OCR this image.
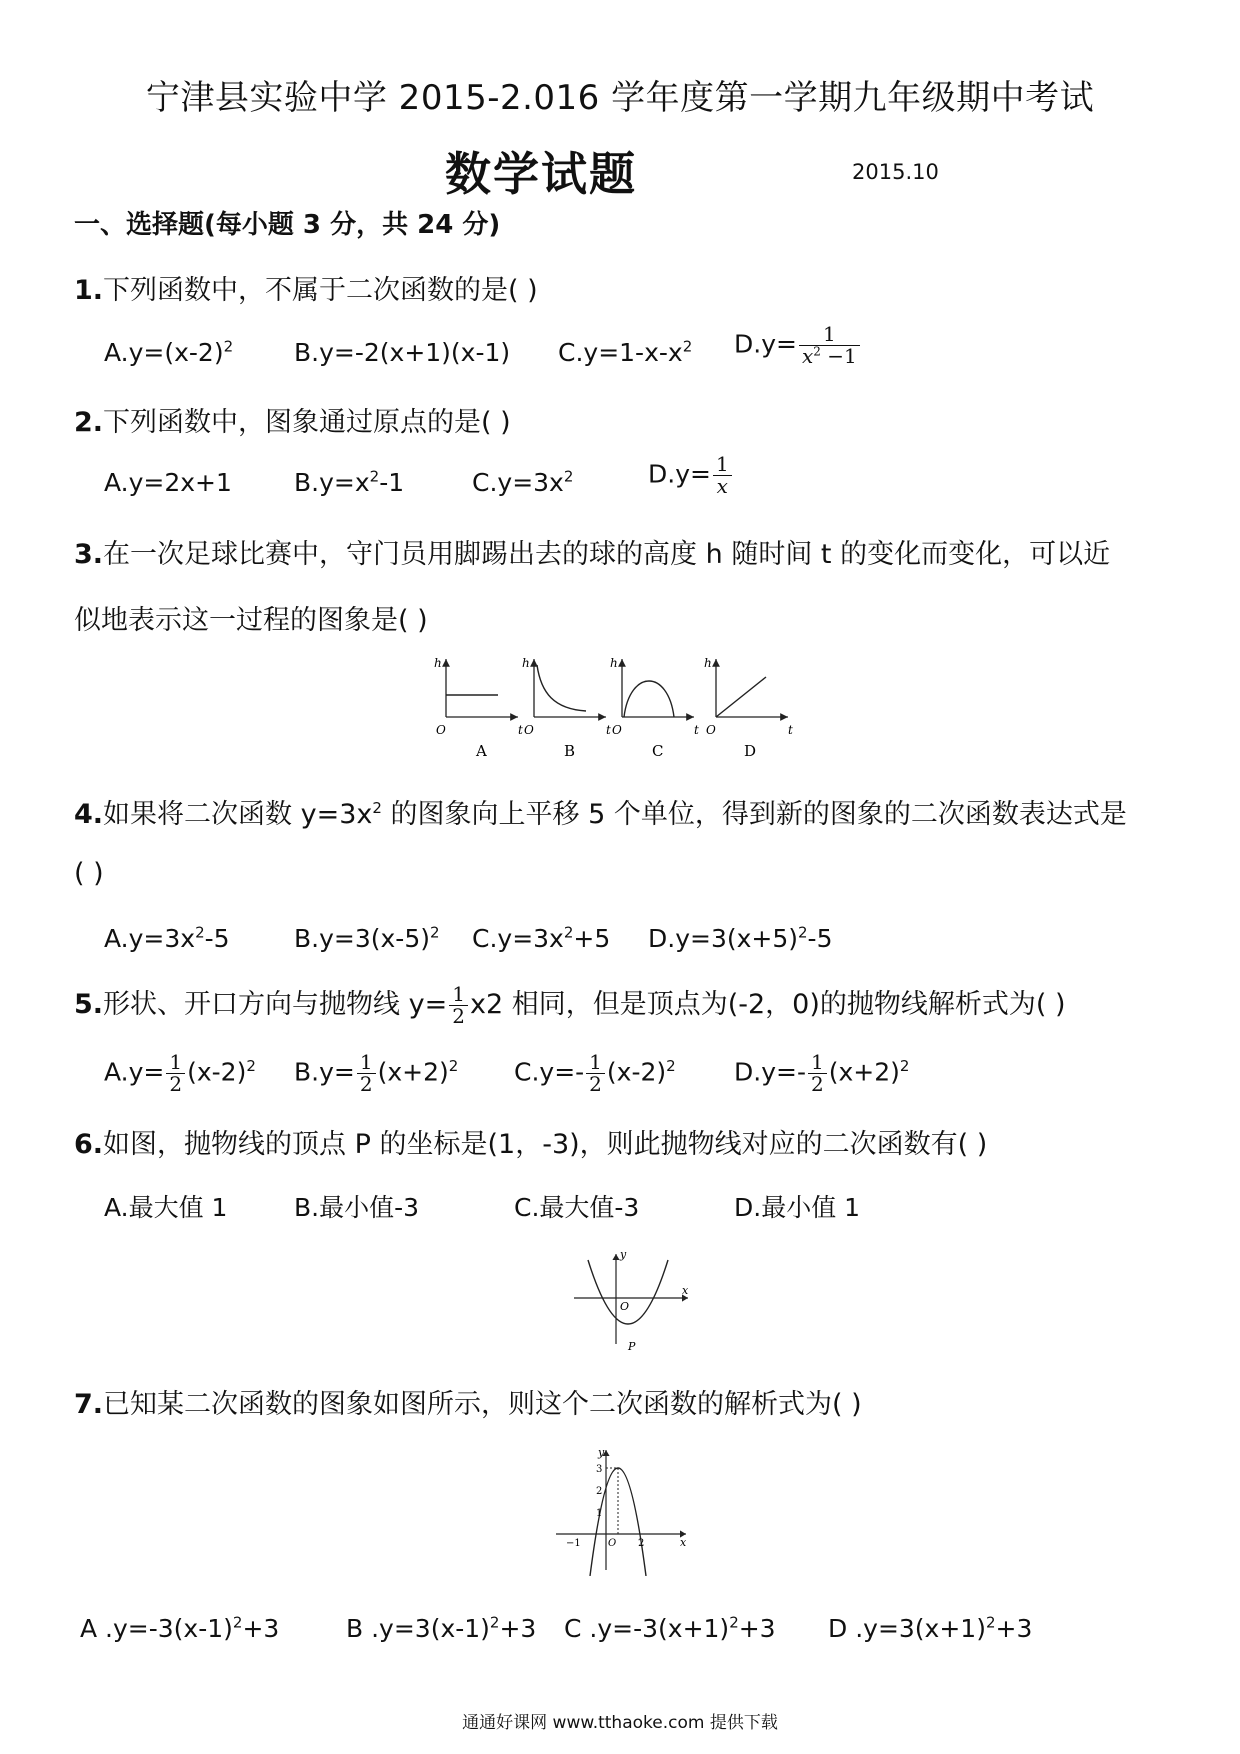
宁津县实验中学 2015-2.016 学年度第一学期九年级期中考试
数学试题	2015.10
一、选择题(每小题 3 分，共 24 分)
1.下列函数中，不属于二次函数的是( )
$A.y=(x-2)^2$ B.y=-2(x+1)(x-1) $C.y=1-x-x^2$ $D.y= \frac{1}{x^2 -1}$
2.下列函数中，图象通过原点的是( )
A.y=2x+1 $B.y=x^2-1$	$C.y=3x^2$	$D.y= \frac{1}{x}$
3.在一次足球比赛中，守门员用脚踢出去的球的高度 h 随时间 t 的变化而变化，可以近
似地表示这一过程的图象是( )
h
O	t
A
h
O	t
B
h
O	t
C
h
O	t
D
4.如果将二次函数 $y=3x^2$ 的图象向上平移 5 个单位，得到新的图象的二次函数表达式是
( )
$A.y=3x^2-5$	$B.y=3(x-5)^2$ $C.y=3x^2+5$ $D.y=3(x+5)^2-5$
5.形状、开口方向与抛物线 $y= \frac{1}{2} x2$ 相同，但是顶点为(-2，0)的抛物线解析式为( )
$A.y= \frac{1}{2} (x-2)^2$ $B.y= \frac{1}{2} (x+2)^2$ $C.y=- \frac{1}{2} (x-2)^2$ $D.y=- \frac{1}{2} (x+2)^2$
6.如图，抛物线的顶点 P 的坐标是(1，-3)，则此抛物线对应的二次函数有( )
A.最大值 1	B.最小值-3	C.最大值-3	D.最小值 1
y
x
O
P
7.已知某二次函数的图象如图所示，则这个二次函数的解析式为( )
y
x
3
2
1
O
−1	2
A $.y=-3(x-1)^2+3$	B $.y=3(x-1)^2+3$ C $.y=-3(x+1)^2+3$ D $.y=3(x+1)^2+3$
通通好课网 www.tthaoke.com 提供下载
